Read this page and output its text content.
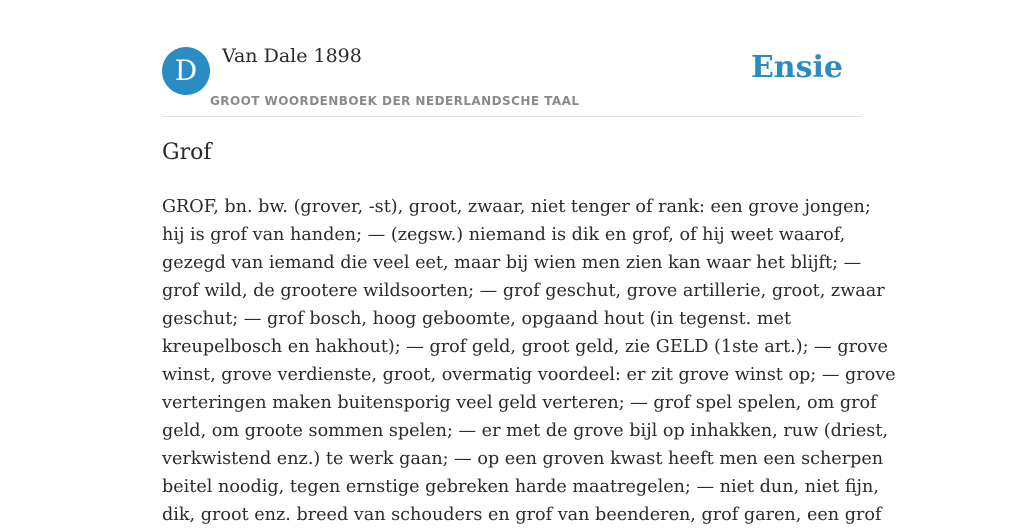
D	Van Dale 1898
GROOT WOORDENBOEK DER NEDERLANDSCHE TAAL
Ensie
Grof
GROF, bn. bw. (grover, -st), groot, zwaar, niet tenger of rank: een grove jongen;
hij is grof van handen; — (zegsw.) niemand is dik en grof, of hij weet waarof,
gezegd van iemand die veel eet, maar bij wien men zien kan waar het blijft; —
grof wild, de grootere wildsoorten; — grof geschut, grove artillerie, groot, zwaar
geschut; — grof bosch, hoog geboomte, opgaand hout (in tegenst. met
kreupelbosch en hakhout); — grof geld, groot geld, zie GELD (1ste art.); — grove
winst, grove verdienste, groot, overmatig voordeel: er zit grove winst op; — grove
verteringen maken buitensporig veel geld verteren; — grof spel spelen, om grof
geld, om groote sommen spelen; — er met de grove bijl op inhakken, ruw (driest,
verkwistend enz.) te werk gaan; — op een groven kwast heeft men een scherpen
beitel noodig, tegen ernstige gebreken harde maatregelen; — niet dun, niet fijn,
dik, groot enz. breed van schouders en grof van beenderen, grof garen, een grof
